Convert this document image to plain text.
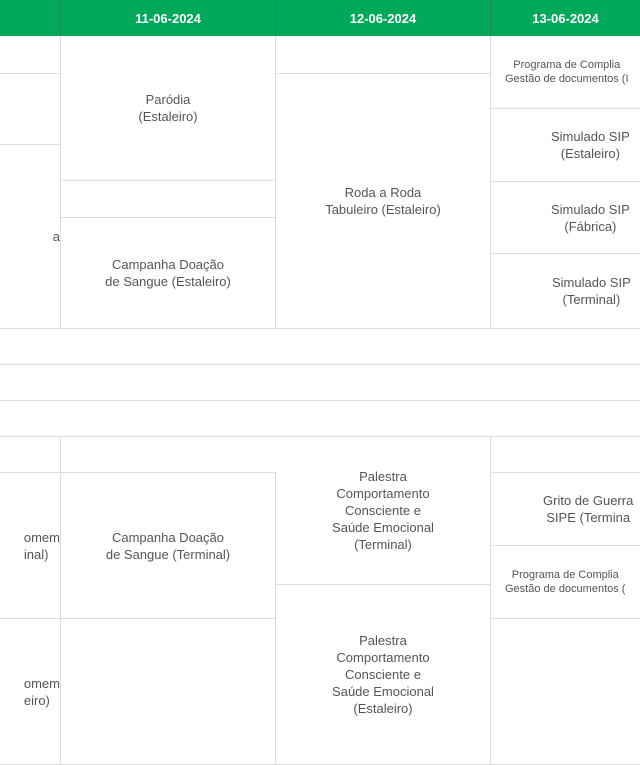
11-06-2024	12-06-2024	13-06-2024
a
omem
inal)
omem
eiro)
Paródia
(Estaleiro)
Campanha Doação
de Sangue (Estaleiro)
Campanha Doação
de Sangue (Terminal)
Roda a Roda
Tabuleiro (Estaleiro)
Palestra
Comportamento
Consciente e
Saúde Emocional
(Terminal)
Palestra
Comportamento
Consciente e
Saúde Emocional
(Estaleiro)
Programa de Complia
Gestão de documentos (I
Simulado SIP
(Estaleiro)
Simulado SIP
(Fábrica)
Simulado SIP
(Terminal)
Grito de Guerra
SIPE (Termina
Programa de Complia
Gestão de documentos (
